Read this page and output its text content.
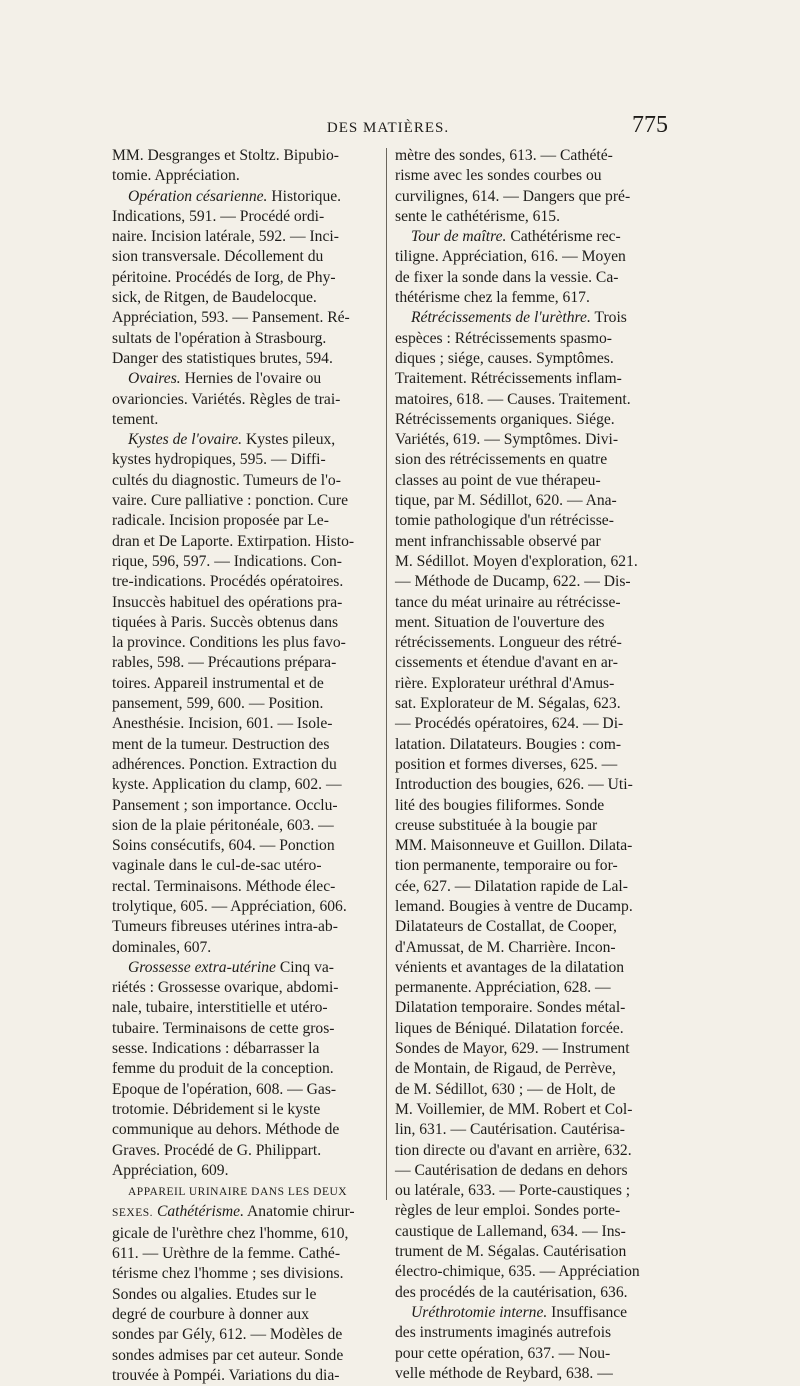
DES MATIÈRES.	775
MM. Desgranges et Stoltz. Bipubio-
tomie. Appréciation.
Opération césarienne. Historique.
Indications, 591. — Procédé ordi-
naire. Incision latérale, 592. — Inci-
sion transversale. Décollement du
péritoine. Procédés de Iorg, de Phy-
sick, de Ritgen, de Baudelocque.
Appréciation, 593. — Pansement. Ré-
sultats de l'opération à Strasbourg.
Danger des statistiques brutes, 594.
Ovaires. Hernies de l'ovaire ou
ovarioncies. Variétés. Règles de trai-
tement.
Kystes de l'ovaire. Kystes pileux,
kystes hydropiques, 595. — Diffi-
cultés du diagnostic. Tumeurs de l'o-
vaire. Cure palliative : ponction. Cure
radicale. Incision proposée par Le-
dran et De Laporte. Extirpation. Histo-
rique, 596, 597. — Indications. Con-
tre-indications. Procédés opératoires.
Insuccès habituel des opérations pra-
tiquées à Paris. Succès obtenus dans
la province. Conditions les plus favo-
rables, 598. — Précautions prépara-
toires. Appareil instrumental et de
pansement, 599, 600. — Position.
Anesthésie. Incision, 601. — Isole-
ment de la tumeur. Destruction des
adhérences. Ponction. Extraction du
kyste. Application du clamp, 602. —
Pansement ; son importance. Occlu-
sion de la plaie péritonéale, 603. —
Soins consécutifs, 604. — Ponction
vaginale dans le cul-de-sac utéro-
rectal. Terminaisons. Méthode élec-
trolytique, 605. — Appréciation, 606.
Tumeurs fibreuses utérines intra-ab-
dominales, 607.
Grossesse extra-utérine Cinq va-
riétés : Grossesse ovarique, abdomi-
nale, tubaire, interstitielle et utéro-
tubaire. Terminaisons de cette gros-
sesse. Indications : débarrasser la
femme du produit de la conception.
Epoque de l'opération, 608. — Gas-
trotomie. Débridement si le kyste
communique au dehors. Méthode de
Graves. Procédé de G. Philippart.
Appréciation, 609.
APPAREIL URINAIRE DANS LES DEUX
SEXES. Cathétérisme. Anatomie chirur-
gicale de l'urèthre chez l'homme, 610,
611. — Urèthre de la femme. Cathé-
térisme chez l'homme ; ses divisions.
Sondes ou algalies. Etudes sur le
degré de courbure à donner aux
sondes par Gély, 612. — Modèles de
sondes admises par cet auteur. Sonde
trouvée à Pompéi. Variations du dia-
mètre des sondes, 613. — Cathété-
risme avec les sondes courbes ou
curvilignes, 614. — Dangers que pré-
sente le cathétérisme, 615.
Tour de maître. Cathétérisme rec-
tiligne. Appréciation, 616. — Moyen
de fixer la sonde dans la vessie. Ca-
thétérisme chez la femme, 617.
Rétrécissements de l'urèthre. Trois
espèces : Rétrécissements spasmo-
diques ; siége, causes. Symptômes.
Traitement. Rétrécissements inflam-
matoires, 618. — Causes. Traitement.
Rétrécissements organiques. Siége.
Variétés, 619. — Symptômes. Divi-
sion des rétrécissements en quatre
classes au point de vue thérapeu-
tique, par M. Sédillot, 620. — Ana-
tomie pathologique d'un rétrécisse-
ment infranchissable observé par
M. Sédillot. Moyen d'exploration, 621.
— Méthode de Ducamp, 622. — Dis-
tance du méat urinaire au rétrécisse-
ment. Situation de l'ouverture des
rétrécissements. Longueur des rétré-
cissements et étendue d'avant en ar-
rière. Explorateur uréthral d'Amus-
sat. Explorateur de M. Ségalas, 623.
— Procédés opératoires, 624. — Di-
latation. Dilatateurs. Bougies : com-
position et formes diverses, 625. —
Introduction des bougies, 626. — Uti-
lité des bougies filiformes. Sonde
creuse substituée à la bougie par
MM. Maisonneuve et Guillon. Dilata-
tion permanente, temporaire ou for-
cée, 627. — Dilatation rapide de Lal-
lemand. Bougies à ventre de Ducamp.
Dilatateurs de Costallat, de Cooper,
d'Amussat, de M. Charrière. Incon-
vénients et avantages de la dilatation
permanente. Appréciation, 628. —
Dilatation temporaire. Sondes métal-
liques de Béniqué. Dilatation forcée.
Sondes de Mayor, 629. — Instrument
de Montain, de Rigaud, de Perrève,
de M. Sédillot, 630 ; — de Holt, de
M. Voillemier, de MM. Robert et Col-
lin, 631. — Cautérisation. Cautérisa-
tion directe ou d'avant en arrière, 632.
— Cautérisation de dedans en dehors
ou latérale, 633. — Porte-caustiques ;
règles de leur emploi. Sondes porte-
caustique de Lallemand, 634. — Ins-
trument de M. Ségalas. Cautérisation
électro-chimique, 635. — Appréciation
des procédés de la cautérisation, 636.
Uréthrotomie interne. Insuffisance
des instruments imaginés autrefois
pour cette opération, 637. — Nou-
velle méthode de Reybard, 638. —
